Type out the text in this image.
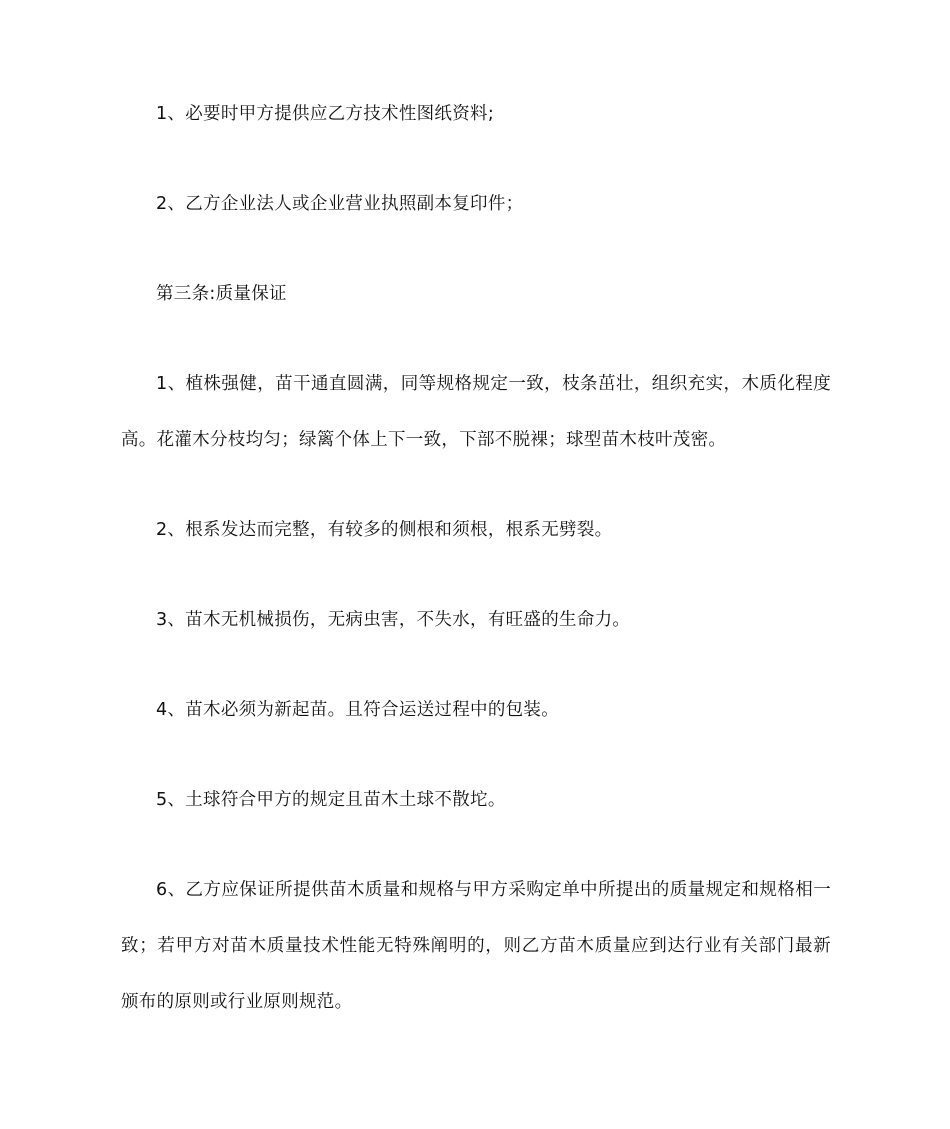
1、必要时甲方提供应乙方技术性图纸资料;

2、乙方企业法人或企业营业执照副本复印件；

第三条:质量保证

1、植株强健，苗干通直圆满，同等规格规定一致，枝条茁壮，组织充实，木质化程度高。花灌木分枝均匀；绿篱个体上下一致，下部不脱裸；球型苗木枝叶茂密。

2、根系发达而完整，有较多的侧根和须根，根系无劈裂。

3、苗木无机械损伤，无病虫害，不失水，有旺盛的生命力。

4、苗木必须为新起苗。且符合运送过程中的包装。

5、土球符合甲方的规定且苗木土球不散坨。

6、乙方应保证所提供苗木质量和规格与甲方采购定单中所提出的质量规定和规格相一致；若甲方对苗木质量技术性能无特殊阐明的，则乙方苗木质量应到达行业有关部门最新颁布的原则或行业原则规范。
